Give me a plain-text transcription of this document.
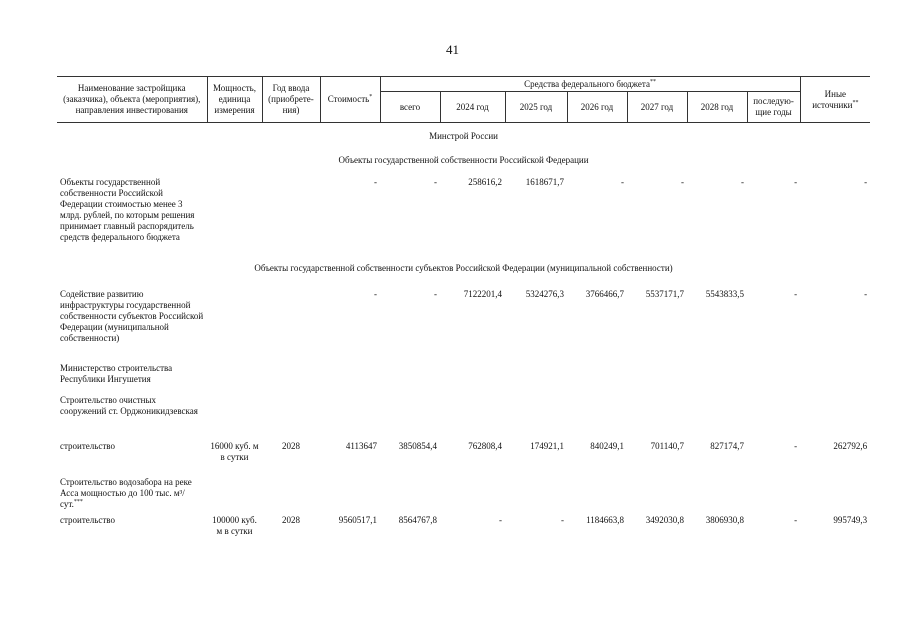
41
Наименование застройщика (заказчика), объекта (мероприятия), направления инвестирования	Мощность, единица измерения	Год ввода (приобрете-ния)	Стоимость*	Средства федерального бюджета**							Иные источники**
				всего	2024 год	2025 год	2026 год	2027 год	2028 год	последую-щие годы	

Минстрой России											
Объекты государственной собственности Российской Федерации											
Объекты государственной собственности Российской Федерации стоимостью менее 3 млрд. рублей, по которым решения принимает главный распорядитель средств федерального бюджета			-	-	258616,2	1618671,7	-	-	-	-	-
Объекты государственной собственности субъектов Российской Федерации (муниципальной собственности)											
Содействие развитию инфраструктуры государственной собственности субъектов Российской Федерации (муниципальной собственности)			-	-	7122201,4	5324276,3	3766466,7	5537171,7	5543833,5	-	-
Министерство строительства Республики Ингушетия											
Строительство очистных сооружений ст. Орджоникидзевская											
строительство	16000 куб. м в сутки	2028	4113647	3850854,4	762808,4	174921,1	840249,1	701140,7	827174,7	-	262792,6
Строительство водозабора на реке Асса мощностью до 100 тыс. м³/сут.***	
строительство	100000 куб. м в сутки	2028	9560517,1	8564767,8	-	-	1184663,8	3492030,8	3806930,8	-	995749,3
